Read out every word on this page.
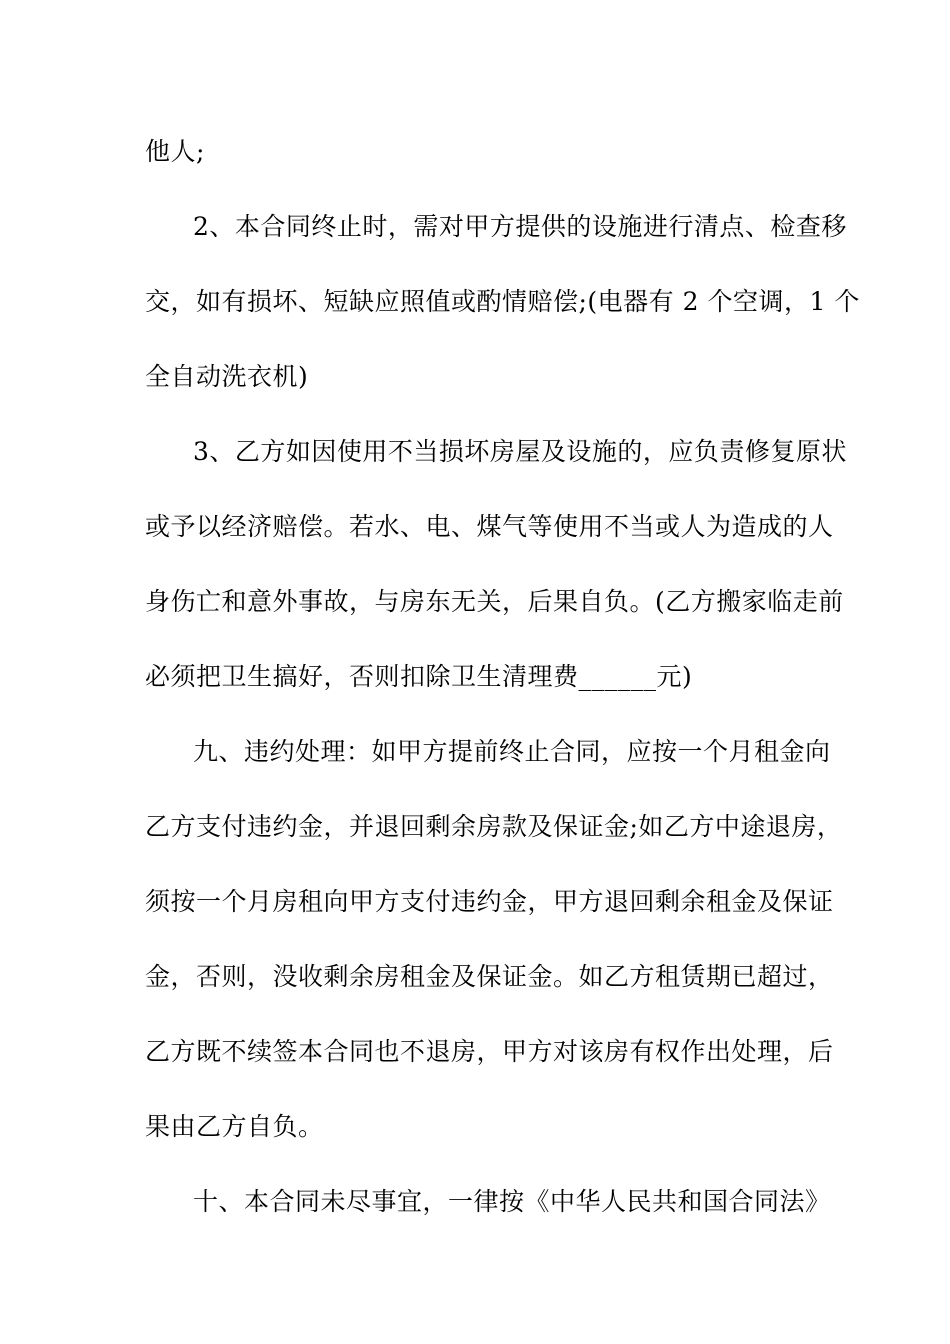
他人;
2、本合同终止时，需对甲方提供的设施进行清点、检查移
交，如有损坏、短缺应照值或酌情赔偿;(电器有 2 个空调，1 个
全自动洗衣机)
3、乙方如因使用不当损坏房屋及设施的，应负责修复原状
或予以经济赔偿。若水、电、煤气等使用不当或人为造成的人
身伤亡和意外事故，与房东无关，后果自负。(乙方搬家临走前
必须把卫生搞好，否则扣除卫生清理费______元)
九、违约处理：如甲方提前终止合同，应按一个月租金向
乙方支付违约金，并退回剩余房款及保证金;如乙方中途退房，
须按一个月房租向甲方支付违约金，甲方退回剩余租金及保证
金，否则，没收剩余房租金及保证金。如乙方租赁期已超过，
乙方既不续签本合同也不退房，甲方对该房有权作出处理，后
果由乙方自负。
十、本合同未尽事宜，一律按《中华人民共和国合同法》
